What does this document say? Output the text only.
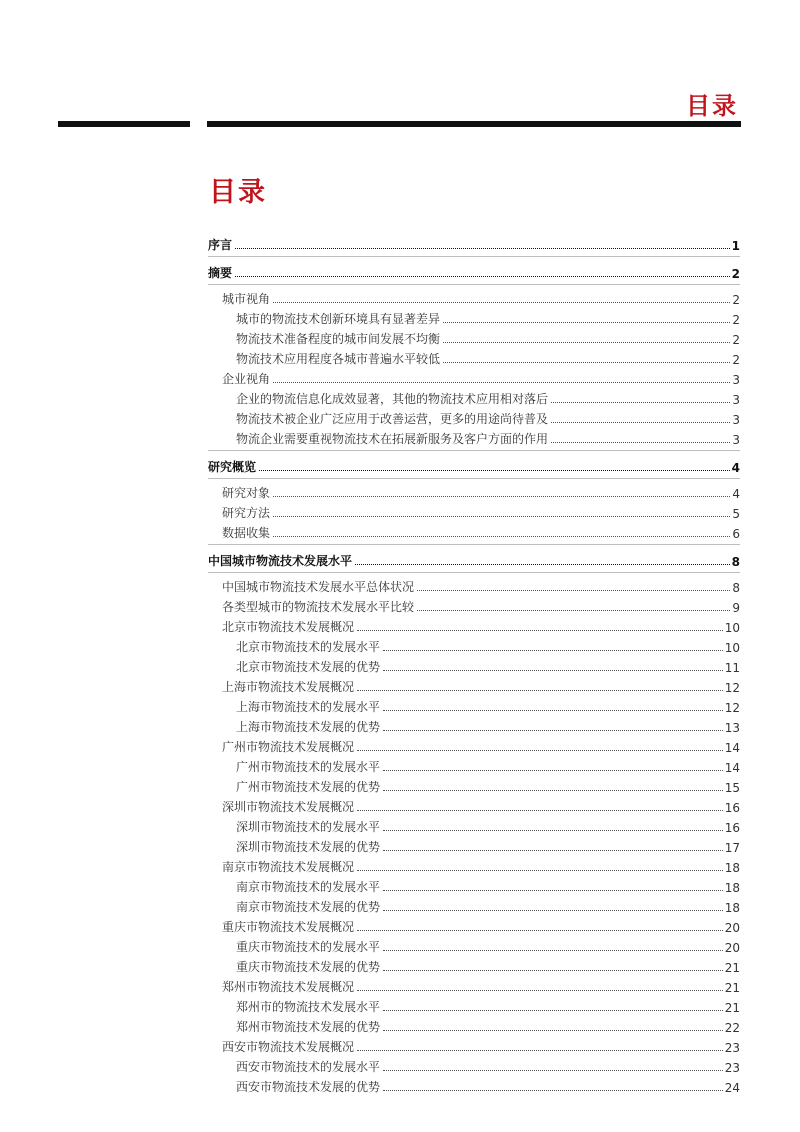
目录
目录
序言	1
摘要	2
城市视角	2
城市的物流技术创新环境具有显著差异	2
物流技术准备程度的城市间发展不均衡	2
物流技术应用程度各城市普遍水平较低	2
企业视角	3
企业的物流信息化成效显著，其他的物流技术应用相对落后	3
物流技术被企业广泛应用于改善运营，更多的用途尚待普及	3
物流企业需要重视物流技术在拓展新服务及客户方面的作用	3
研究概览	4
研究对象	4
研究方法	5
数据收集	6
中国城市物流技术发展水平	8
中国城市物流技术发展水平总体状况	8
各类型城市的物流技术发展水平比较	9
北京市物流技术发展概况	10
北京市物流技术的发展水平	10
北京市物流技术发展的优势	11
上海市物流技术发展概况	12
上海市物流技术的发展水平	12
上海市物流技术发展的优势	13
广州市物流技术发展概况	14
广州市物流技术的发展水平	14
广州市物流技术发展的优势	15
深圳市物流技术发展概况	16
深圳市物流技术的发展水平	16
深圳市物流技术发展的优势	17
南京市物流技术发展概况	18
南京市物流技术的发展水平	18
南京市物流技术发展的优势	18
重庆市物流技术发展概况	20
重庆市物流技术的发展水平	20
重庆市物流技术发展的优势	21
郑州市物流技术发展概况	21
郑州市的物流技术发展水平	21
郑州市物流技术发展的优势	22
西安市物流技术发展概况	23
西安市物流技术的发展水平	23
西安市物流技术发展的优势	24
